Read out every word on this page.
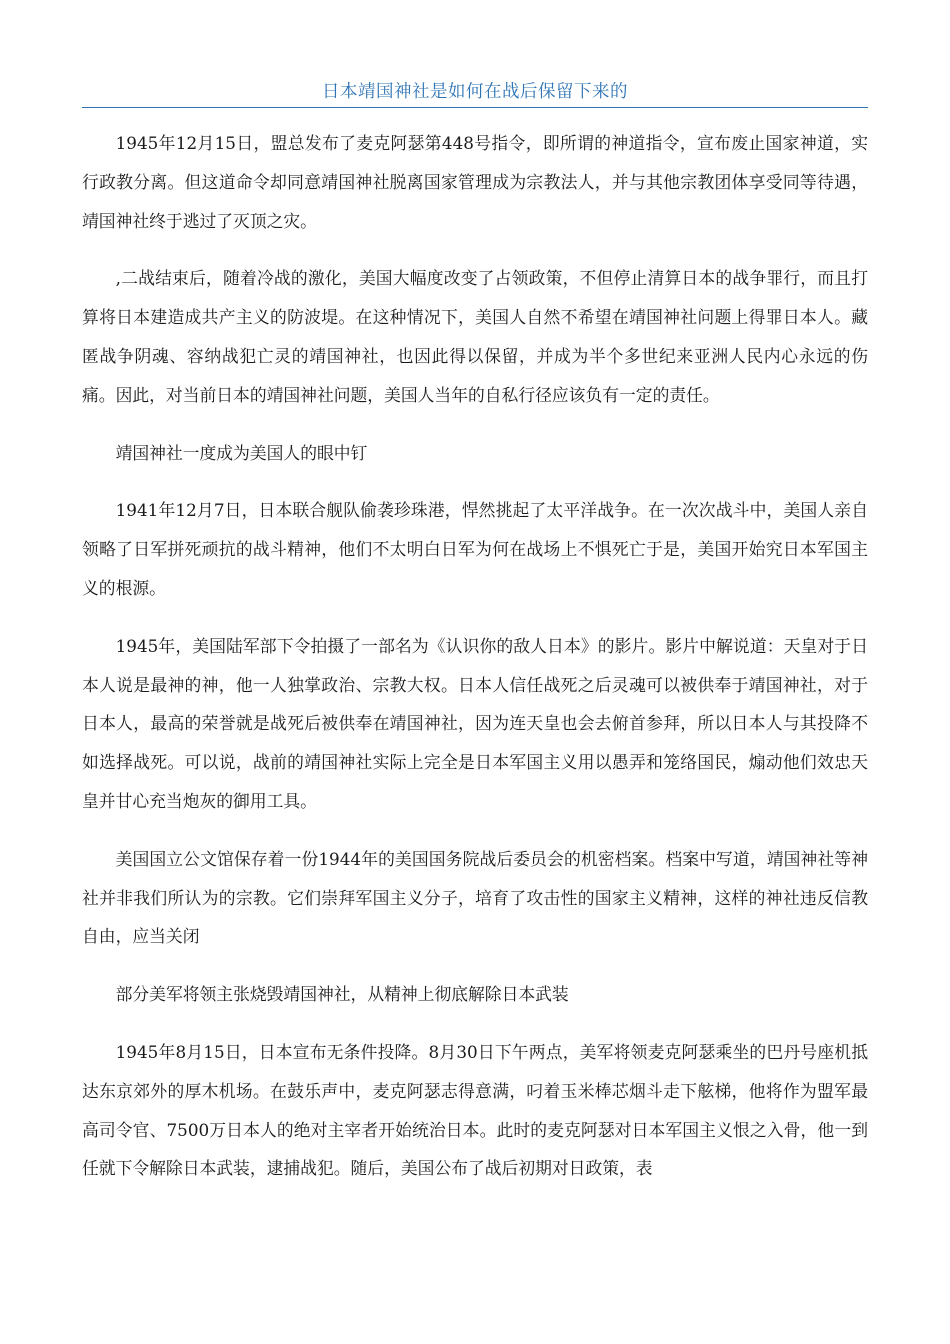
日本靖国神社是如何在战后保留下来的

1945年12月15日，盟总发布了麦克阿瑟第448号指令，即所谓的神道指令，宣布废止国家神道，实行政教分离。但这道命令却同意靖国神社脱离国家管理成为宗教法人，并与其他宗教团体享受同等待遇，靖国神社终于逃过了灭顶之灾。

,二战结束后，随着冷战的激化，美国大幅度改变了占领政策，不但停止清算日本的战争罪行，而且打算将日本建造成共产主义的防波堤。在这种情况下，美国人自然不希望在靖国神社问题上得罪日本人。藏匿战争阴魂、容纳战犯亡灵的靖国神社，也因此得以保留，并成为半个多世纪来亚洲人民内心永远的伤痛。因此，对当前日本的靖国神社问题，美国人当年的自私行径应该负有一定的责任。

靖国神社一度成为美国人的眼中钉

1941年12月7日，日本联合舰队偷袭珍珠港，悍然挑起了太平洋战争。在一次次战斗中，美国人亲自领略了日军拼死顽抗的战斗精神，他们不太明白日军为何在战场上不惧死亡于是，美国开始究日本军国主义的根源。

1945年，美国陆军部下令拍摄了一部名为《认识你的敌人日本》的影片。影片中解说道：天皇对于日本人说是最神的神，他一人独掌政治、宗教大权。日本人信任战死之后灵魂可以被供奉于靖国神社，对于日本人，最高的荣誉就是战死后被供奉在靖国神社，因为连天皇也会去俯首参拜，所以日本人与其投降不如选择战死。可以说，战前的靖国神社实际上完全是日本军国主义用以愚弄和笼络国民，煽动他们效忠天皇并甘心充当炮灰的御用工具。

美国国立公文馆保存着一份1944年的美国国务院战后委员会的机密档案。档案中写道，靖国神社等神社并非我们所认为的宗教。它们崇拜军国主义分子，培育了攻击性的国家主义精神，这样的神社违反信教自由，应当关闭

部分美军将领主张烧毁靖国神社，从精神上彻底解除日本武装

1945年8月15日，日本宣布无条件投降。8月30日下午两点，美军将领麦克阿瑟乘坐的巴丹号座机抵达东京郊外的厚木机场。在鼓乐声中，麦克阿瑟志得意满，叼着玉米棒芯烟斗走下舷梯，他将作为盟军最高司令官、7500万日本人的绝对主宰者开始统治日本。此时的麦克阿瑟对日本军国主义恨之入骨，他一到任就下令解除日本武装，逮捕战犯。随后，美国公布了战后初期对日政策，表
